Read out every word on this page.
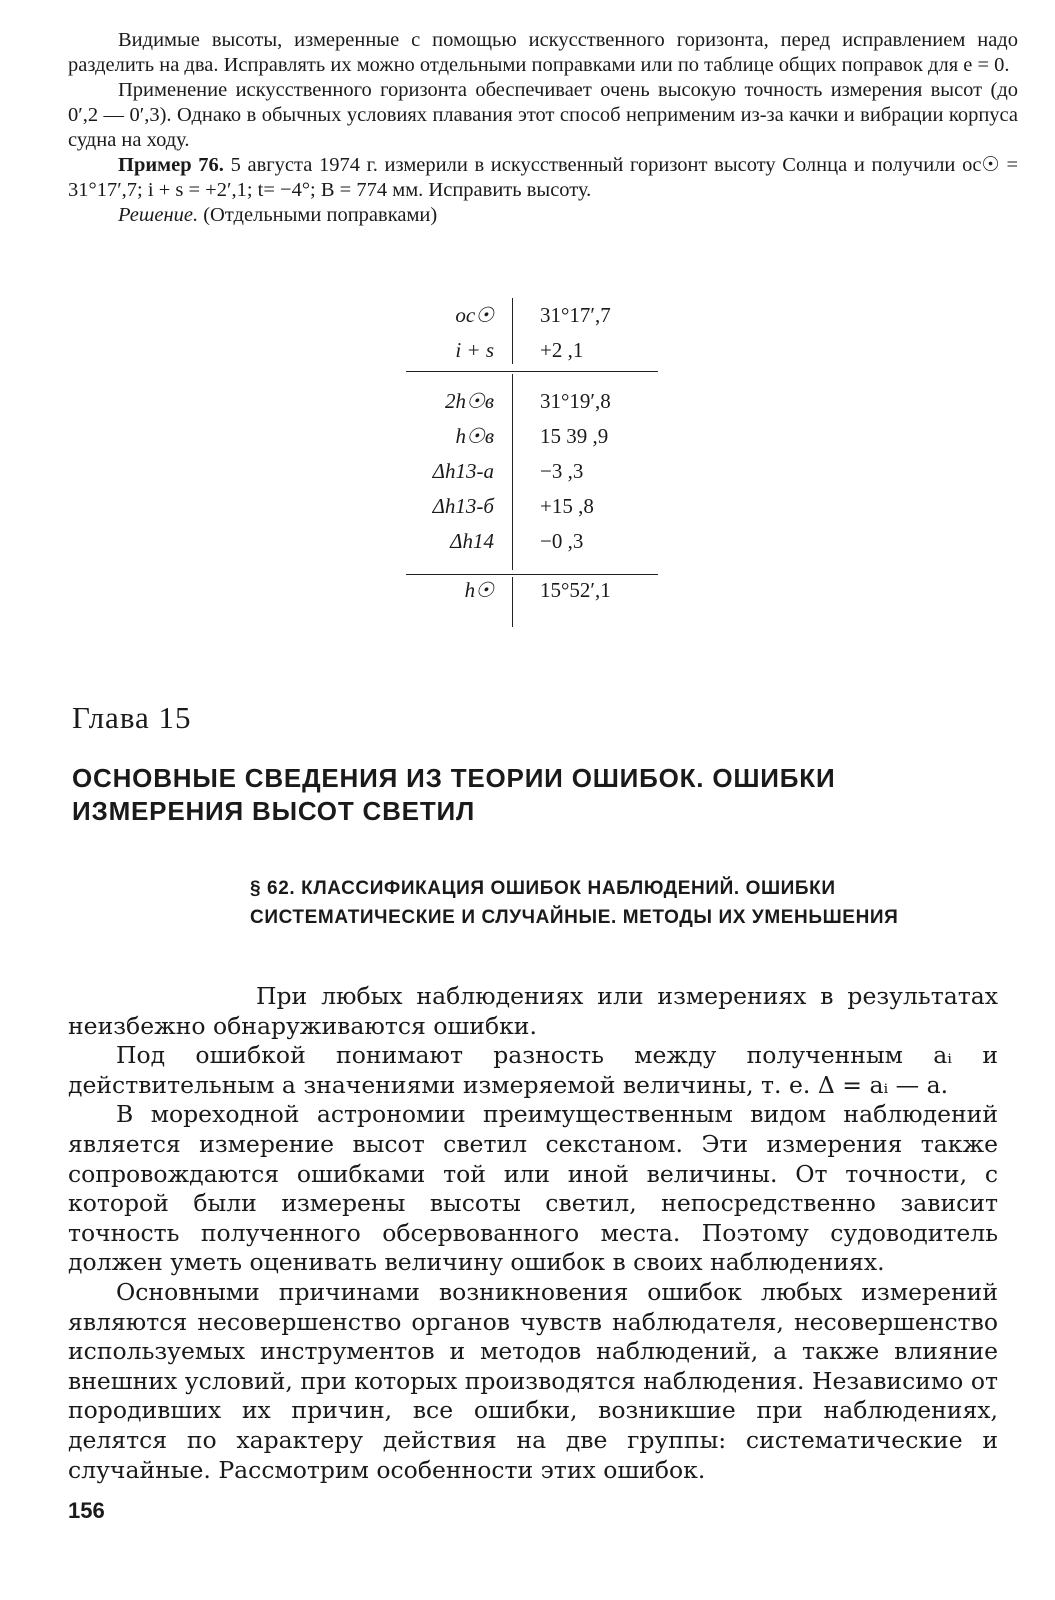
Видимые высоты, измеренные с помощью искусственного горизонта, перед исправлением надо разделить на два. Исправлять их можно отдельными поправками или по таблице общих поправок для e = 0.

Применение искусственного горизонта обеспечивает очень высокую точность измерения высот (до 0′,2 — 0′,3). Однако в обычных условиях плавания этот способ неприменим из-за качки и вибрации корпуса судна на ходу.

Пример 76. 5 августа 1974 г. измерили в искусственный горизонт высоту Солнца и получили oc☉ = 31°17′,7; i + s = +2′,1; t= −4°; B = 774 мм. Исправить высоту.

Решение. (Отдельными поправками)

oc☉	31°17′,7
i + s	+2 ,1
2h☉в	31°19′,8
h☉в	15 39 ,9
Δh13-а	−3 ,3
Δh13-б	+15 ,8
Δh14	−0 ,3
h☉	15°52′,1
Глава 15
ОСНОВНЫЕ СВЕДЕНИЯ ИЗ ТЕОРИИ ОШИБОК. ОШИБКИ ИЗМЕРЕНИЯ ВЫСОТ СВЕТИЛ
§ 62. КЛАССИФИКАЦИЯ ОШИБОК НАБЛЮДЕНИЙ. ОШИБКИ СИСТЕМАТИЧЕСКИЕ И СЛУЧАЙНЫЕ. МЕТОДЫ ИХ УМЕНЬШЕНИЯ

При любых наблюдениях или измерениях в результатах неизбежно обнаруживаются ошибки.

Под ошибкой понимают разность между полученным aᵢ и действительным a значениями измеряемой величины, т. е. Δ = aᵢ — a.

В мореходной астрономии преимущественным видом наблюдений является измерение высот светил секстаном. Эти измерения также сопровождаются ошибками той или иной величины. От точности, с которой были измерены высоты светил, непосредственно зависит точность полученного обсервованного места. Поэтому судоводитель должен уметь оценивать величину ошибок в своих наблюдениях.

Основными причинами возникновения ошибок любых измерений являются несовершенство органов чувств наблюдателя, несовершенство используемых инструментов и методов наблюдений, а также влияние внешних условий, при которых производятся наблюдения. Независимо от породивших их причин, все ошибки, возникшие при наблюдениях, делятся по характеру действия на две группы: систематические и случайные. Рассмотрим особенности этих ошибок.

156
